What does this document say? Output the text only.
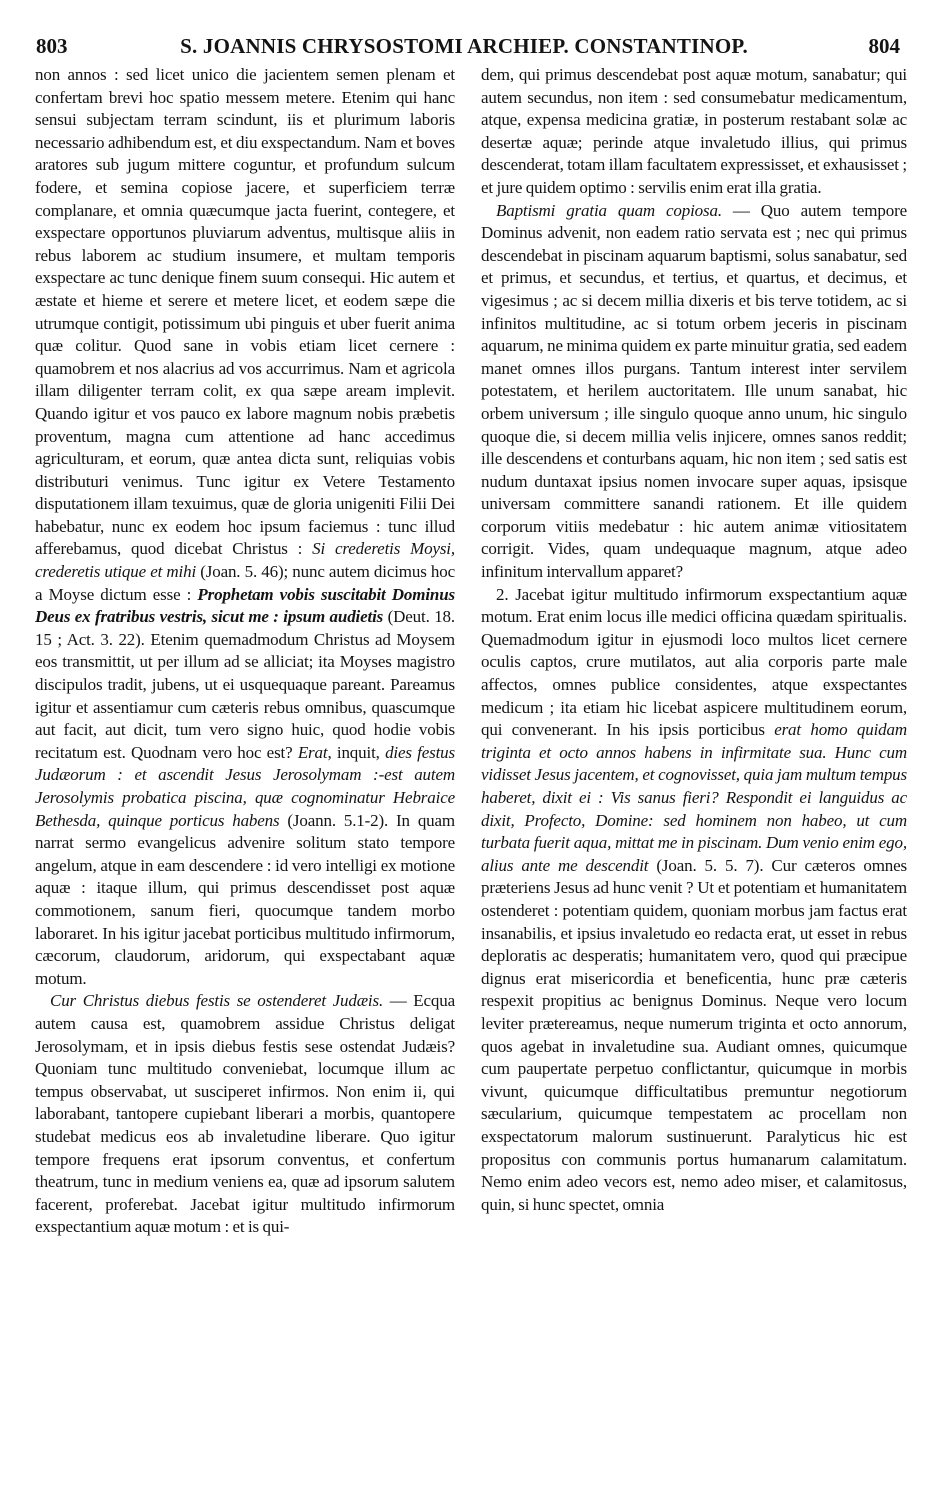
803	S. JOANNIS CHRYSOSTOMI ARCHIEP. CONSTANTINOP.	804

non annos : sed licet unico die jacientem semen plenam et confertam brevi hoc spatio messem metere. Etenim qui hanc sensui subjectam terram scindunt, iis et plurimum laboris necessario adhibendum est, et diu exspectandum. Nam et boves aratores sub jugum mittere coguntur, et profundum sulcum fodere, et semina copiose jacere, et superficiem terræ complanare, et omnia quæcumque jacta fuerint, contegere, et exspectare opportunos pluviarum adventus, multisque aliis in rebus laborem ac studium insumere, et multam temporis exspectare ac tunc denique finem suum consequi. Hic autem et æstate et hieme et serere et metere licet, et eodem sæpe die utrumque contigit, potissimum ubi pinguis et uber fuerit anima quæ colitur. Quod sane in vobis etiam licet cernere : quamobrem et nos alacrius ad vos accurrimus. Nam et agricola illam diligenter terram colit, ex qua sæpe aream implevit. Quando igitur et vos pauco ex labore magnum nobis præbetis proventum, magna cum attentione ad hanc accedimus agriculturam, et eorum, quæ antea dicta sunt, reliquias vobis distributuri venimus. Tunc igitur ex Vetere Testamento disputationem illam texuimus, quæ de gloria unigeniti Filii Dei habebatur, nunc ex eodem hoc ipsum faciemus : tunc illud afferebamus, quod dicebat Christus : Si crederetis Moysi, crederetis utique et mihi (Joan. 5. 46); nunc autem dicimus hoc a Moyse dictum esse : Prophetam vobis suscitabit Dominus Deus ex fratribus vestris, sicut me : ipsum audietis (Deut. 18. 15 ; Act. 3. 22). Etenim quemadmodum Christus ad Moysem eos transmittit, ut per illum ad se alliciat; ita Moyses magistro discipulos tradit, jubens, ut ei usquequaque pareant. Pareamus igitur et assentiamur cum cæteris rebus omnibus, quascumque aut facit, aut dicit, tum vero signo huic, quod hodie vobis recitatum est. Quodnam vero hoc est? Erat, inquit, dies festus Judæorum : et ascendit Jesus Jerosolymam :-est autem Jerosolymis probatica piscina, quæ cognominatur Hebraice Bethesda, quinque porticus habens (Joann. 5.1-2). In quam narrat sermo evangelicus advenire solitum stato tempore angelum, atque in eam descendere : id vero intelligi ex motione aquæ : itaque illum, qui primus descendisset post aquæ commotionem, sanum fieri, quocumque tandem morbo laboraret. In his igitur jacebat porticibus multitudo infirmorum, cæcorum, claudorum, aridorum, qui exspectabant aquæ motum.

Cur Christus diebus festis se ostenderet Judæis. — Ecqua autem causa est, quamobrem assidue Christus deligat Jerosolymam, et in ipsis diebus festis sese ostendat Judæis? Quoniam tunc multitudo conveniebat, locumque illum ac tempus observabat, ut susciperet infirmos. Non enim ii, qui laborabant, tantopere cupiebant liberari a morbis, quantopere studebat medicus eos ab invaletudine liberare. Quo igitur tempore frequens erat ipsorum conventus, et confertum theatrum, tunc in medium veniens ea, quæ ad ipsorum salutem facerent, proferebat. Jacebat igitur multitudo infirmorum exspectantium aquæ motum : et is qui-

dem, qui primus descendebat post aquæ motum, sanabatur; qui autem secundus, non item : sed consumebatur medicamentum, atque, expensa medicina gratiæ, in posterum restabant solæ ac desertæ aquæ; perinde atque invaletudo illius, qui primus descenderat, totam illam facultatem expressisset, et exhausisset ; et jure quidem optimo : servilis enim erat illa gratia.

Baptismi gratia quam copiosa. — Quo autem tempore Dominus advenit, non eadem ratio servata est ; nec qui primus descendebat in piscinam aquarum baptismi, solus sanabatur, sed et primus, et secundus, et tertius, et quartus, et decimus, et vigesimus ; ac si decem millia dixeris et bis terve totidem, ac si infinitos multitudine, ac si totum orbem jeceris in piscinam aquarum, ne minima quidem ex parte minuitur gratia, sed eadem manet omnes illos purgans. Tantum interest inter servilem potestatem, et herilem auctoritatem. Ille unum sanabat, hic orbem universum ; ille singulo quoque anno unum, hic singulo quoque die, si decem millia velis injicere, omnes sanos reddit; ille descendens et conturbans aquam, hic non item ; sed satis est nudum duntaxat ipsius nomen invocare super aquas, ipsisque universam committere sanandi rationem. Et ille quidem corporum vitiis medebatur : hic autem animæ vitiositatem corrigit. Vides, quam undequaque magnum, atque adeo infinitum intervallum apparet?

2. Jacebat igitur multitudo infirmorum exspectantium aquæ motum. Erat enim locus ille medici officina quædam spiritualis. Quemadmodum igitur in ejusmodi loco multos licet cernere oculis captos, crure mutilatos, aut alia corporis parte male affectos, omnes publice considentes, atque exspectantes medicum ; ita etiam hic licebat aspicere multitudinem eorum, qui convenerant. In his ipsis porticibus erat homo quidam triginta et octo annos habens in infirmitate sua. Hunc cum vidisset Jesus jacentem, et cognovisset, quia jam multum tempus haberet, dixit ei : Vis sanus fieri? Respondit ei languidus ac dixit, Profecto, Domine: sed hominem non habeo, ut cum turbata fuerit aqua, mittat me in piscinam. Dum venio enim ego, alius ante me descendit (Joan. 5. 5. 7). Cur cæteros omnes præteriens Jesus ad hunc venit ? Ut et potentiam et humanitatem ostenderet : potentiam quidem, quoniam morbus jam factus erat insanabilis, et ipsius invaletudo eo redacta erat, ut esset in rebus deploratis ac desperatis; humanitatem vero, quod qui præcipue dignus erat misericordia et beneficentia, hunc præ cæteris respexit propitius ac benignus Dominus. Neque vero locum leviter prætereamus, neque numerum triginta et octo annorum, quos agebat in invaletudine sua. Audiant omnes, quicumque cum paupertate perpetuo conflictantur, quicumque in morbis vivunt, quicumque difficultatibus premuntur negotiorum sæcularium, quicumque tempestatem ac procellam non exspectatorum malorum sustinuerunt. Paralyticus hic est propositus con communis portus humanarum calamitatum. Nemo enim adeo vecors est, nemo adeo miser, et calamitosus, quin, si hunc spectet, omnia
